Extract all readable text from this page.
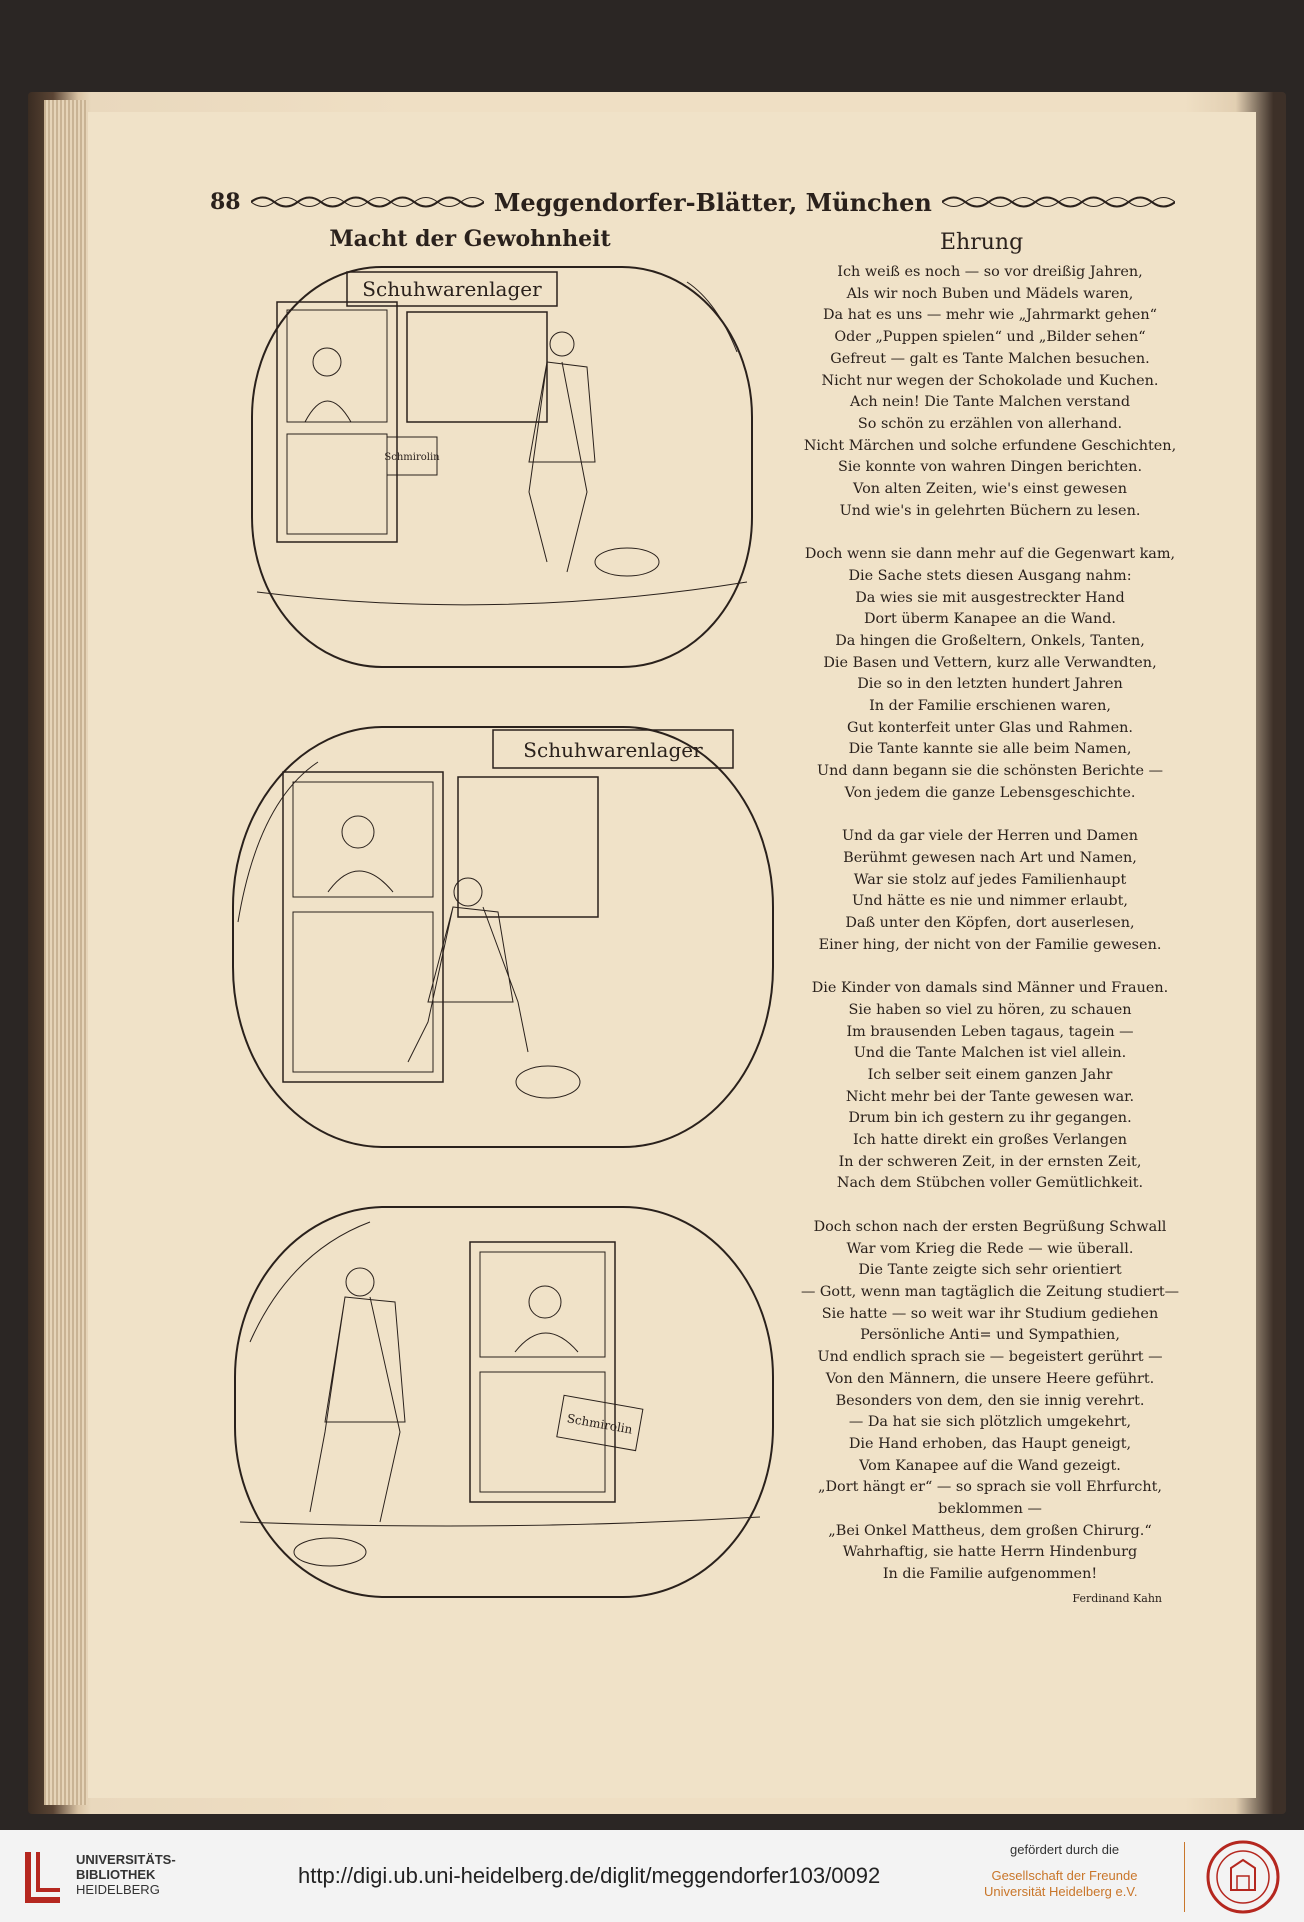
88	Meggendorfer-Blätter, München
Macht der Gewohnheit
Schuhwarenlager
Schmirolin
Schuhwarenlager
Schmirolin
Ehrung
Ich weiß es noch — so vor dreißig Jahren,
Als wir noch Buben und Mädels waren,
Da hat es uns — mehr wie „Jahrmarkt gehen“
Oder „Puppen spielen“ und „Bilder sehen“
Gefreut — galt es Tante Malchen besuchen.
Nicht nur wegen der Schokolade und Kuchen.
Ach nein! Die Tante Malchen verstand
So schön zu erzählen von allerhand.
Nicht Märchen und solche erfundene Geschichten,
Sie konnte von wahren Dingen berichten.
Von alten Zeiten, wie's einst gewesen
Und wie's in gelehrten Büchern zu lesen.
Doch wenn sie dann mehr auf die Gegenwart kam,
Die Sache stets diesen Ausgang nahm:
Da wies sie mit ausgestreckter Hand
Dort überm Kanapee an die Wand.
Da hingen die Großeltern, Onkels, Tanten,
Die Basen und Vettern, kurz alle Verwandten,
Die so in den letzten hundert Jahren
In der Familie erschienen waren,
Gut konterfeit unter Glas und Rahmen.
Die Tante kannte sie alle beim Namen,
Und dann begann sie die schönsten Berichte —
Von jedem die ganze Lebensgeschichte.
Und da gar viele der Herren und Damen
Berühmt gewesen nach Art und Namen,
War sie stolz auf jedes Familienhaupt
Und hätte es nie und nimmer erlaubt,
Daß unter den Köpfen, dort auserlesen,
Einer hing, der nicht von der Familie gewesen.
Die Kinder von damals sind Männer und Frauen.
Sie haben so viel zu hören, zu schauen
Im brausenden Leben tagaus, tagein —
Und die Tante Malchen ist viel allein.
Ich selber seit einem ganzen Jahr
Nicht mehr bei der Tante gewesen war.
Drum bin ich gestern zu ihr gegangen.
Ich hatte direkt ein großes Verlangen
In der schweren Zeit, in der ernsten Zeit,
Nach dem Stübchen voller Gemütlichkeit.
Doch schon nach der ersten Begrüßung Schwall
War vom Krieg die Rede — wie überall.
Die Tante zeigte sich sehr orientiert
— Gott, wenn man tagtäglich die Zeitung studiert—
Sie hatte — so weit war ihr Studium gediehen
Persönliche Anti= und Sympathien,
Und endlich sprach sie — begeistert gerührt —
Von den Männern, die unsere Heere geführt.
Besonders von dem, den sie innig verehrt.
— Da hat sie sich plötzlich umgekehrt,
Die Hand erhoben, das Haupt geneigt,
Vom Kanapee auf die Wand gezeigt.
„Dort hängt er“ — so sprach sie voll Ehrfurcht,
beklommen —
„Bei Onkel Mattheus, dem großen Chirurg.“
Wahrhaftig, sie hatte Herrn Hindenburg
In die Familie aufgenommen!
Ferdinand Kahn
UNIVERSITÄTS-
BIBLIOTHEK
HEIDELBERG
http://digi.ub.uni-heidelberg.de/diglit/meggendorfer103/0092
gefördert durch die
Gesellschaft der Freunde
Universität Heidelberg e.V.
